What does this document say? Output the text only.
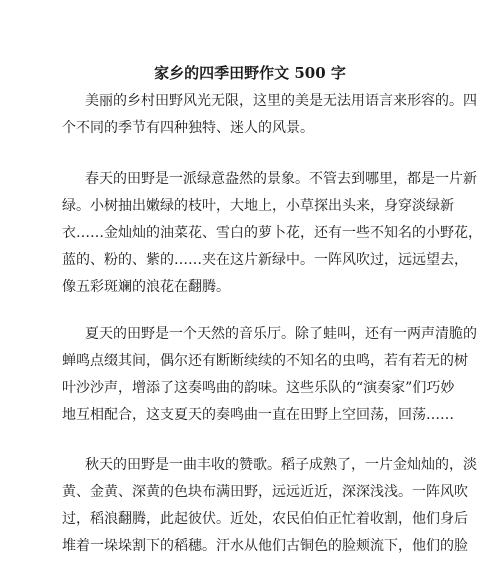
家乡的四季田野作文 500 字
美丽的乡村田野风光无限，这里的美是无法用语言来形容的。四
个不同的季节有四种独特、迷人的风景。
春天的田野是一派绿意盎然的景象。不管去到哪里，都是一片新
绿。小树抽出嫩绿的枝叶，大地上，小草探出头来，身穿淡绿新
衣……金灿灿的油菜花、雪白的萝卜花，还有一些不知名的小野花，
蓝的、粉的、紫的……夹在这片新绿中。一阵风吹过，远远望去，
像五彩斑斓的浪花在翻腾。
夏天的田野是一个天然的音乐厅。除了蛙叫，还有一两声清脆的
蝉鸣点缀其间，偶尔还有断断续续的不知名的虫鸣，若有若无的树
叶沙沙声，增添了这奏鸣曲的韵味。这些乐队的“演奏家”们巧妙
地互相配合，这支夏天的奏鸣曲一直在田野上空回荡，回荡……
秋天的田野是一曲丰收的赞歌。稻子成熟了，一片金灿灿的，淡
黄、金黄、深黄的色块布满田野，远远近近，深深浅浅。一阵风吹
过，稻浪翻腾，此起彼伏。近处，农民伯伯正忙着收割，他们身后
堆着一垛垛割下的稻穗。汗水从他们古铜色的脸颊流下，他们的脸
